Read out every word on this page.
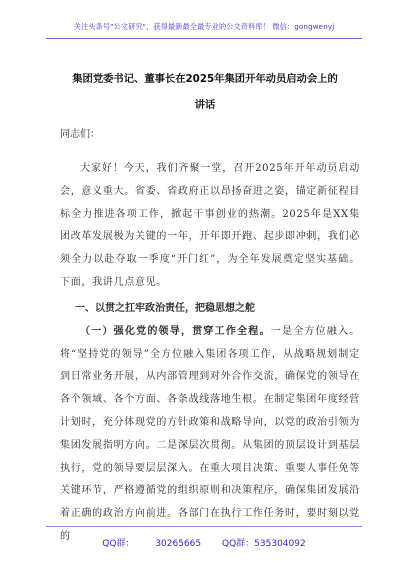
关注头条号"公文研究"，获得最新最全最专业的公文资料库！ 微信：gongwenyj
集团党委书记、董事长在2025年集团开年动员启动会上的
讲话

同志们：

大家好！今天，我们齐聚一堂，召开2025年开年动员启动会，意义重大。省委、省政府正以昂扬奋进之姿，锚定新征程目标全力推进各项工作，掀起干事创业的热潮。2025年是XX集团改革发展极为关键的一年，开年即开跑、起步即冲刺，我们必须全力以赴夺取一季度“开门红”，为全年发展奠定坚实基础。下面，我讲几点意见。

一、以贯之扛牢政治责任，把稳思想之舵

（一）强化党的领导，贯穿工作全程。一是全方位融入。将“坚持党的领导”全方位融入集团各项工作，从战略规划制定到日常业务开展，从内部管理到对外合作交流，确保党的领导在各个领域、各个方面、各条战线落地生根。在制定集团年度经营计划时，充分体现党的方针政策和战略导向，以党的政治引领为集团发展指明方向。二是深层次贯彻。从集团的顶层设计到基层执行，党的领导要层层深入。在重大项目决策、重要人事任免等关键环节，严格遵循党的组织原则和决策程序，确保集团发展沿着正确的政治方向前进。各部门在执行工作任务时，要时刻以党的

QQ群： 30265665 QQ群：535304092
